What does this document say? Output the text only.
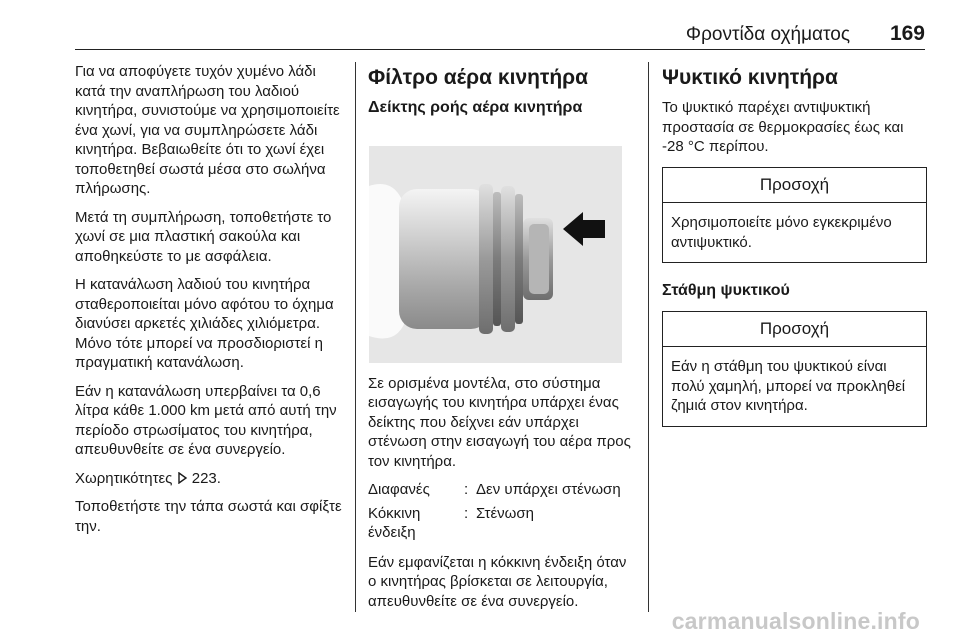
Φροντίδα οχήματος 169

Για να αποφύγετε τυχόν χυμένο λάδι κατά την αναπλήρωση του λαδιού κινητήρα, συνιστούμε να χρησιμοποιείτε ένα χωνί, για να συμπληρώσετε λάδι κινητήρα. Βεβαιωθείτε ότι το χωνί έχει τοποθετηθεί σωστά μέσα στο σωλήνα πλήρωσης.

Μετά τη συμπλήρωση, τοποθετήστε το χωνί σε μια πλαστική σακούλα και αποθηκεύστε το με ασφάλεια.

Η κατανάλωση λαδιού του κινητήρα σταθεροποιείται μόνο αφότου το όχημα διανύσει αρκετές χιλιάδες χιλιόμετρα. Μόνο τότε μπορεί να προσδιοριστεί η πραγματική κατανάλωση.

Εάν η κατανάλωση υπερβαίνει τα 0,6 λίτρα κάθε 1.000 km μετά από αυτή την περίοδο στρωσίματος του κινητήρα, απευθυνθείτε σε ένα συνεργείο.

Χωρητικότητες 223.

Τοποθετήστε την τάπα σωστά και σφίξτε την.

Φίλτρο αέρα κινητήρα
Δείκτης ροής αέρα κινητήρα

Σε ορισμένα μοντέλα, στο σύστημα εισαγωγής του κινητήρα υπάρχει ένας δείκτης που δείχνει εάν υπάρχει στένωση στην εισαγωγή του αέρα προς τον κινητήρα.

Διαφανές	: Δεν υπάρχει στένωση
Κόκκινη ένδειξη
: Στένωση

Εάν εμφανίζεται η κόκκινη ένδειξη όταν ο κινητήρας βρίσκεται σε λειτουργία, απευθυνθείτε σε ένα συνεργείο.

Ψυκτικό κινητήρα

Το ψυκτικό παρέχει αντιψυκτική προστασία σε θερμοκρασίες έως και -28 °C περίπου.

Προσοχή
Χρησιμοποιείτε μόνο εγκεκριμένο αντιψυκτικό.
Στάθμη ψυκτικού
Προσοχή
Εάν η στάθμη του ψυκτικού είναι πολύ χαμηλή, μπορεί να προκληθεί ζημιά στον κινητήρα.
carmanualsonline.info
